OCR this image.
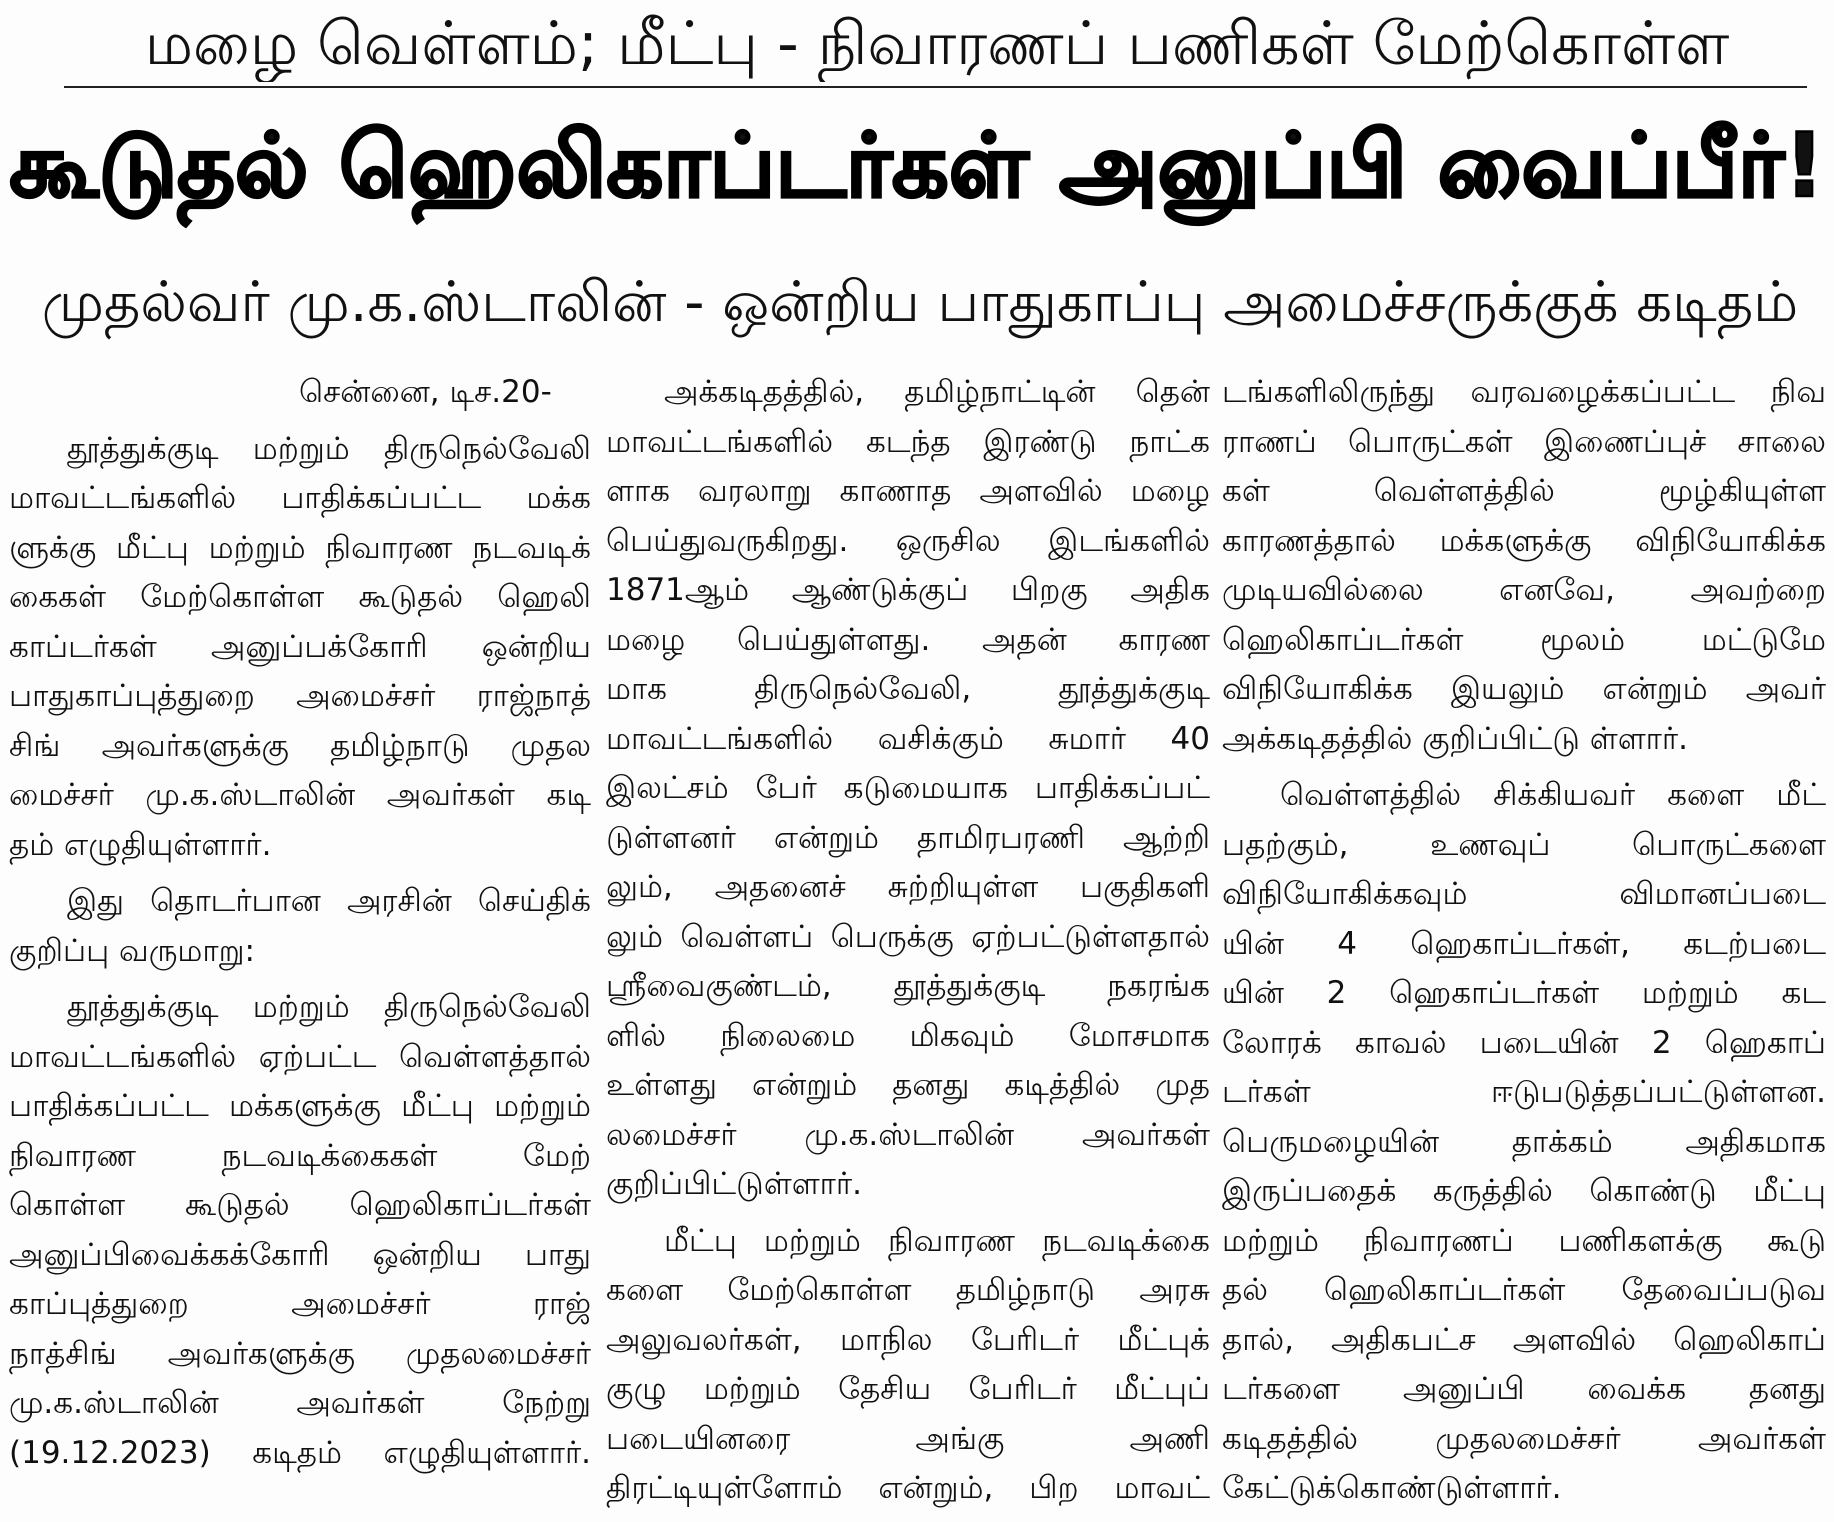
மழை வெள்ளம்; மீட்பு - நிவாரணப் பணிகள் மேற்கொள்ள
கூடுதல் ஹெலிகாப்டர்கள் அனுப்பி வைப்பீர்!
முதல்வர் மு.க.ஸ்டாலின் - ஒன்றிய பாதுகாப்பு அமைச்சருக்குக் கடிதம்
சென்னை, டிச.20-
தூத்துக்குடி மற்றும் திருநெல்வேலி
மாவட்டங்களில் பாதிக்கப்பட்ட மக்க
ளுக்கு மீட்பு மற்றும் நிவாரண நடவடிக்
கைகள் மேற்கொள்ள கூடுதல் ஹெலி
காப்டர்கள் அனுப்பக்கோரி ஒன்றிய
பாதுகாப்புத்துறை அமைச்சர் ராஜ்நாத்
சிங் அவர்களுக்கு தமிழ்நாடு முதல
மைச்சர் மு.க.ஸ்டாலின் அவர்கள் கடி
தம் எழுதியுள்ளார்.
இது தொடர்பான அரசின் செய்திக்
குறிப்பு வருமாறு:
தூத்துக்குடி மற்றும் திருநெல்வேலி
மாவட்டங்களில் ஏற்பட்ட வெள்ளத்தால்
பாதிக்கப்பட்ட மக்களுக்கு மீட்பு மற்றும்
நிவாரண நடவடிக்கைகள் மேற்
கொள்ள கூடுதல் ஹெலிகாப்டர்கள்
அனுப்பிவைக்கக்கோரி ஒன்றிய பாது
காப்புத்துறை அமைச்சர் ராஜ்
நாத்சிங் அவர்களுக்கு முதலமைச்சர்
மு.க.ஸ்டாலின் அவர்கள் நேற்று
(19.12.2023) கடிதம் எழுதியுள்ளார்.
அக்கடிதத்தில், தமிழ்நாட்டின் தென்
மாவட்டங்களில் கடந்த இரண்டு நாட்க
ளாக வரலாறு காணாத அளவில் மழை
பெய்துவருகிறது. ஒருசில இடங்களில்
1871ஆம் ஆண்டுக்குப் பிறகு அதிக
மழை பெய்துள்ளது. அதன் காரண
மாக திருநெல்வேலி, தூத்துக்குடி
மாவட்டங்களில் வசிக்கும் சுமார் 40
இலட்சம் பேர் கடுமையாக பாதிக்கப்பட்
டுள்ளனர் என்றும் தாமிரபரணி ஆற்றி
லும், அதனைச் சுற்றியுள்ள பகுதிகளி
லும் வெள்ளப் பெருக்கு ஏற்பட்டுள்ளதால்
ஸ்ரீவைகுண்டம், தூத்துக்குடி நகரங்க
ளில் நிலைமை மிகவும் மோசமாக
உள்ளது என்றும் தனது கடித்தில் முத
லமைச்சர் மு.க.ஸ்டாலின் அவர்கள்
குறிப்பிட்டுள்ளார்.
மீட்பு மற்றும் நிவாரண நடவடிக்கை
களை மேற்கொள்ள தமிழ்நாடு அரசு
அலுவலர்கள், மாநில பேரிடர் மீட்புக்
குழு மற்றும் தேசிய பேரிடர் மீட்புப்
படையினரை அங்கு அணி
திரட்டியுள்ளோம் என்றும், பிற மாவட்
டங்களிலிருந்து வரவழைக்கப்பட்ட நிவ
ராணப் பொருட்கள் இணைப்புச் சாலை
கள் வெள்ளத்தில் மூழ்கியுள்ள
காரணத்தால் மக்களுக்கு விநியோகிக்க
முடியவில்லை எனவே, அவற்றை
ஹெலிகாப்டர்கள் மூலம் மட்டுமே
விநியோகிக்க இயலும் என்றும் அவர்
அக்கடிதத்தில் குறிப்பிட்டு ள்ளார்.
வெள்ளத்தில் சிக்கியவர் களை மீட்
பதற்கும், உணவுப் பொருட்களை
விநியோகிக்கவும் விமானப்படை
யின் 4 ஹெகாப்டர்கள், கடற்படை
யின் 2 ஹெகாப்டர்கள் மற்றும் கட
லோரக் காவல் படையின் 2 ஹெகாப்
டர்கள் ஈடுபடுத்தப்பட்டுள்ளன.
பெருமழையின் தாக்கம் அதிகமாக
இருப்பதைக் கருத்தில் கொண்டு மீட்பு
மற்றும் நிவாரணப் பணிகளக்கு கூடு
தல் ஹெலிகாப்டர்கள் தேவைப்படுவ
தால், அதிகபட்ச அளவில் ஹெலிகாப்
டர்களை அனுப்பி வைக்க தனது
கடிதத்தில் முதலமைச்சர் அவர்கள்
கேட்டுக்கொண்டுள்ளார்.
